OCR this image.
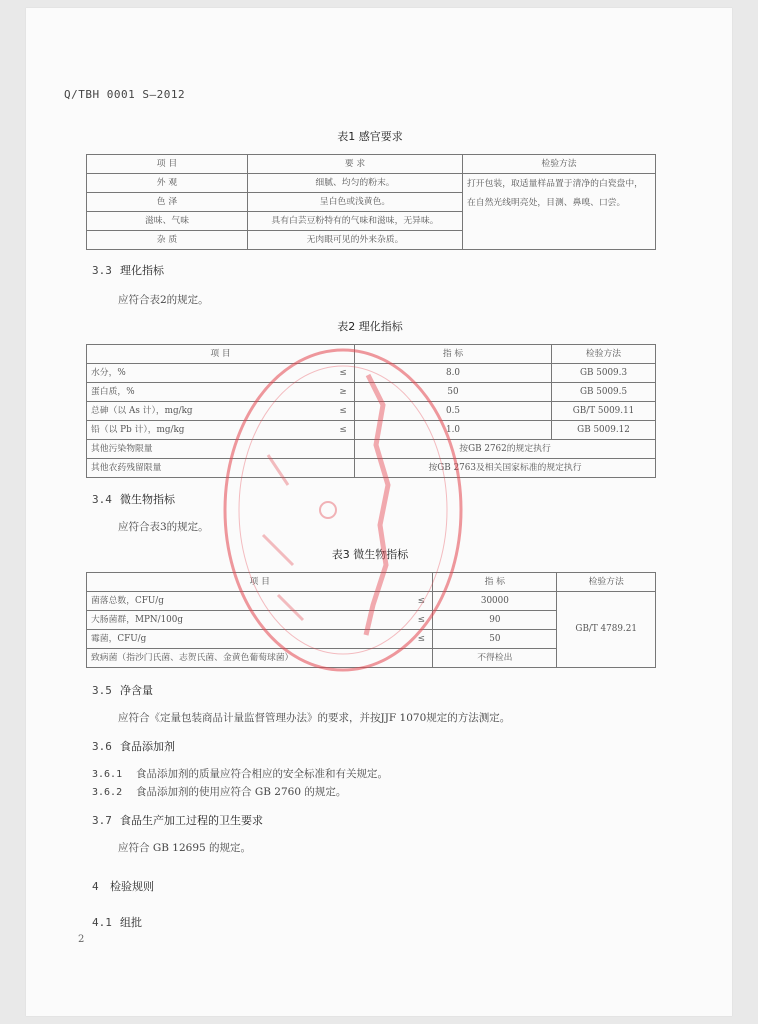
Q/TBH 0001 S—2012
表1 感官要求
项 目	要 求	检验方法
外 观	细腻、均匀的粉末。	打开包装，取适量样品置于清净的白瓷盘中，在自然光线明亮处，目测、鼻嗅、口尝。
色 泽	呈白色或浅黄色。	
滋味、气味	具有白芸豆粉特有的气味和滋味，无异味。	
杂 质	无肉眼可见的外来杂质。	
3.3 理化指标
应符合表2的规定。
表2 理化指标
项 目		指 标	检验方法
水分，%	≤	8.0	GB 5009.3
蛋白质，%	≥	50	GB 5009.5
总砷（以 As 计），mg/kg	≤	0.5	GB/T 5009.11
铅（以 Pb 计），mg/kg	≤	1.0	GB 5009.12
其他污染物限量		按GB 2762的规定执行	
其他农药残留限量		按GB 2763及相关国家标准的规定执行	
3.4 微生物指标
应符合表3的规定。
表3 微生物指标
项 目		指 标	检验方法
菌落总数，CFU/g	≤	30000	GB/T 4789.21
大肠菌群，MPN/100g	≤	90	
霉菌，CFU/g	≤	50	
致病菌（指沙门氏菌、志贺氏菌、金黄色葡萄球菌）		不得检出	
3.5 净含量
应符合《定量包装商品计量监督管理办法》的要求，并按JJF 1070规定的方法测定。
3.6 食品添加剂
3.6.1 食品添加剂的质量应符合相应的安全标准和有关规定。
3.6.2 食品添加剂的使用应符合 GB 2760 的规定。
3.7 食品生产加工过程的卫生要求
应符合 GB 12695 的规定。
4 检验规则
4.1 组批
2
